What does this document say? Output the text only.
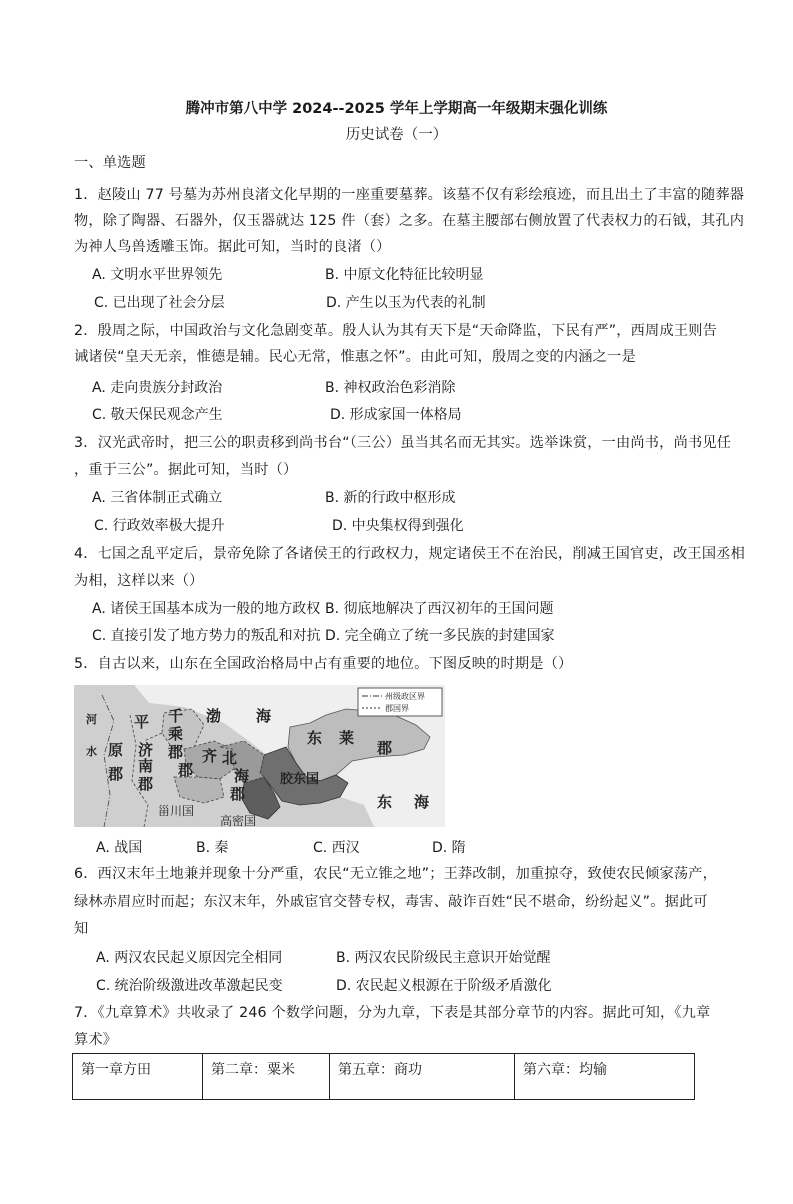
腾冲市第八中学 2024--2025 学年上学期高一年级期末强化训练
历史试卷（一）
一、单选题
1．赵陵山 77 号墓为苏州良渚文化早期的一座重要墓葬。该墓不仅有彩绘痕迹，而且出土了丰富的随葬器
物，除了陶器、石器外，仅玉器就达 125 件（套）之多。在墓主腰部右侧放置了代表权力的石钺，其孔内
为神人鸟兽透雕玉饰。据此可知，当时的良渚（）
A. 文明水平世界领先	B. 中原文化特征比较明显
C. 已出现了社会分层	D. 产生以玉为代表的礼制
2．殷周之际，中国政治与文化急剧变革。殷人认为其有天下是“天命降监，下民有严”，西周成王则告
诫诸侯“皇天无亲，惟德是辅。民心无常，惟惠之怀”。由此可知，殷周之变的内涵之一是
A. 走向贵族分封政治	B. 神权政治色彩消除
C. 敬天保民观念产生	D. 形成家国一体格局
3．汉光武帝时，把三公的职责移到尚书台“（三公）虽当其名而无其实。选举诛赏，一由尚书，尚书见任
，重于三公”。据此可知，当时（）
A. 三省体制正式确立	B. 新的行政中枢形成
C. 行政效率极大提升	D. 中央集权得到强化
4．七国之乱平定后，景帝免除了各诸侯王的行政权力，规定诸侯王不在治民，削减王国官吏，改王国丞相
为相，这样以来（）
A. 诸侯王国基本成为一般的地方政权 B. 彻底地解决了西汉初年的王国问题
C. 直接引发了地方势力的叛乱和对抗 D. 完全确立了统一多民族的封建国家
5．自古以来，山东在全国政治格局中占有重要的地位。下图反映的时期是（）
州级政区界
郡国界
渤 海
东 莱
郡
平
原
郡
河
水
千
乘
郡
济
南
郡
齐
郡
北
海
郡
胶东国
东 海
甾川国
高密国
A. 战国	B. 秦	C. 西汉	D. 隋
6．西汉末年土地兼并现象十分严重，农民“无立锥之地”；王莽改制，加重掠夺，致使农民倾家荡产，
绿林赤眉应时而起；东汉末年，外戚宦官交替专权，毒害、敲诈百姓“民不堪命，纷纷起义”。据此可
知
A. 两汉农民起义原因完全相同	B. 两汉农民阶级民主意识开始觉醒
C. 统治阶级激进改革激起民变	D. 农民起义根源在于阶级矛盾激化
7．《九章算术》共收录了 246 个数学问题，分为九章，下表是其部分章节的内容。据此可知，《九章
算术》
第一章方田	第二章：粟米	第五章：商功	第六章：均输
